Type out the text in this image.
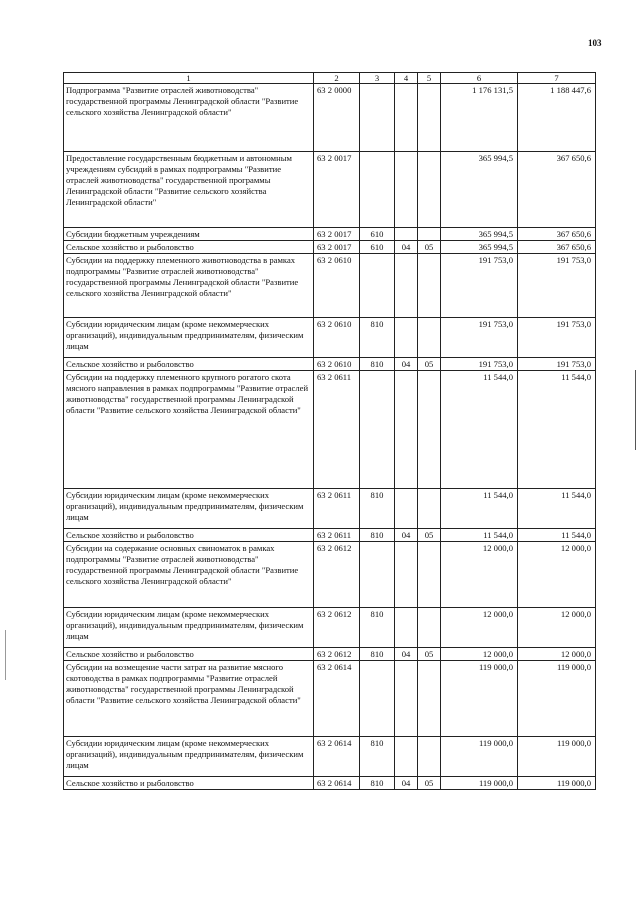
103
1	2	3	4	5	6	7
Подпрограмма "Развитие отраслей животноводства" государственной программы Ленинградской области "Развитие сельского хозяйства Ленинградской области"	63 2 0000				1 176 131,5	1 188 447,6
Предоставление государственным бюджетным и автономным учреждениям субсидий в рамках подпрограммы "Развитие отраслей животноводства" государственной программы Ленинградской области "Развитие сельского хозяйства Ленинградской области"	63 2 0017				365 994,5	367 650,6
Субсидии бюджетным учреждениям	63 2 0017	610			365 994,5	367 650,6
Сельское хозяйство и рыболовство	63 2 0017	610	04	05	365 994,5	367 650,6
Субсидии на поддержку племенного животноводства в рамках подпрограммы "Развитие отраслей животноводства" государственной программы Ленинградской области "Развитие сельского хозяйства Ленинградской области"	63 2 0610				191 753,0	191 753,0
Субсидии юридическим лицам (кроме некоммерческих организаций), индивидуальным предпринимателям, физическим лицам	63 2 0610	810			191 753,0	191 753,0
Сельское хозяйство и рыболовство	63 2 0610	810	04	05	191 753,0	191 753,0
Субсидии на поддержку племенного крупного рогатого скота мясного направления в рамках подпрограммы "Развитие отраслей животноводства" государственной программы Ленинградской области "Развитие сельского хозяйства Ленинградской области"	63 2 0611				11 544,0	11 544,0
Субсидии юридическим лицам (кроме некоммерческих организаций), индивидуальным предпринимателям, физическим лицам	63 2 0611	810			11 544,0	11 544,0
Сельское хозяйство и рыболовство	63 2 0611	810	04	05	11 544,0	11 544,0
Субсидии на содержание основных свиноматок в рамках подпрограммы "Развитие отраслей животноводства" государственной программы Ленинградской области "Развитие сельского хозяйства Ленинградской области"	63 2 0612				12 000,0	12 000,0
Субсидии юридическим лицам (кроме некоммерческих организаций), индивидуальным предпринимателям, физическим лицам	63 2 0612	810			12 000,0	12 000,0
Сельское хозяйство и рыболовство	63 2 0612	810	04	05	12 000,0	12 000,0
Субсидии на возмещение части затрат на развитие мясного скотоводства в рамках подпрограммы "Развитие отраслей животноводства" государственной программы Ленинградской области "Развитие сельского хозяйства Ленинградской области"	63 2 0614				119 000,0	119 000,0
Субсидии юридическим лицам (кроме некоммерческих организаций), индивидуальным предпринимателям, физическим лицам	63 2 0614	810			119 000,0	119 000,0
Сельское хозяйство и рыболовство	63 2 0614	810	04	05	119 000,0	119 000,0
